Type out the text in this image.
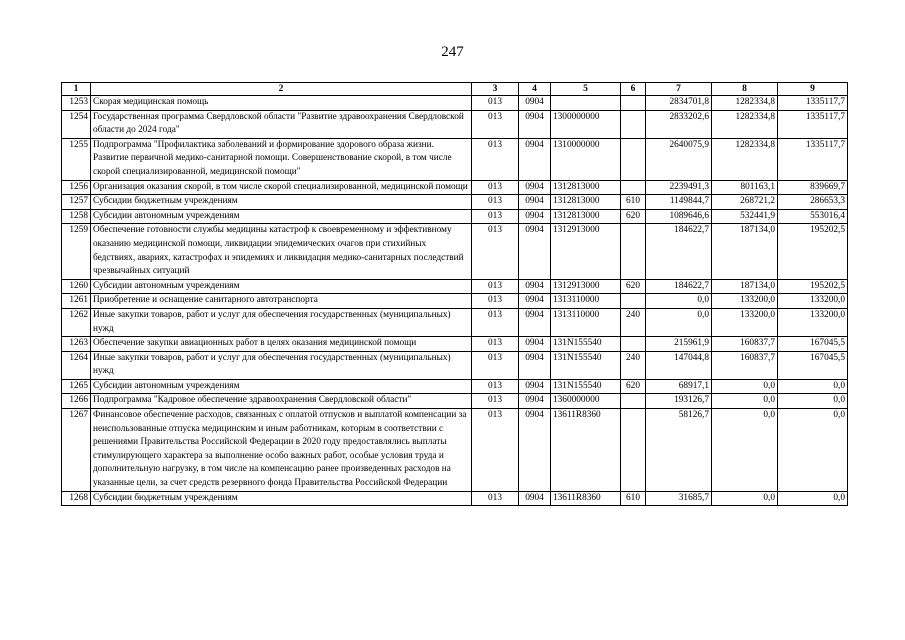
247
1	2	3	4	5	6	7	8	9
1253	Скорая медицинская помощь	013	0904			2834701,8	1282334,8	1335117,7
1254	Государственная программа Свердловской области "Развитие здравоохранения Свердловской области до 2024 года"	013	0904	1300000000		2833202,6	1282334,8	1335117,7
1255	Подпрограмма "Профилактика заболеваний и формирование здорового образа жизни. Развитие первичной медико-санитарной помощи. Совершенствование скорой, в том числе скорой специализированной, медицинской помощи"	013	0904	1310000000		2640075,9	1282334,8	1335117,7
1256	Организация оказания скорой, в том числе скорой специализированной, медицинской помощи	013	0904	1312813000		2239491,3	801163,1	839669,7
1257	Субсидии бюджетным учреждениям	013	0904	1312813000	610	1149844,7	268721,2	286653,3
1258	Субсидии автономным учреждениям	013	0904	1312813000	620	1089646,6	532441,9	553016,4
1259	Обеспечение готовности службы медицины катастроф к своевременному и эффективному оказанию медицинской помощи, ликвидации эпидемических очагов при стихийных бедствиях, авариях, катастрофах и эпидемиях и ликвидация медико-санитарных последствий чрезвычайных ситуаций	013	0904	1312913000		184622,7	187134,0	195202,5
1260	Субсидии автономным учреждениям	013	0904	1312913000	620	184622,7	187134,0	195202,5
1261	Приобретение и оснащение санитарного автотранспорта	013	0904	1313110000		0,0	133200,0	133200,0
1262	Иные закупки товаров, работ и услуг для обеспечения государственных (муниципальных) нужд	013	0904	1313110000	240	0,0	133200,0	133200,0
1263	Обеспечение закупки авиационных работ в целях оказания медицинской помощи	013	0904	131N155540		215961,9	160837,7	167045,5
1264	Иные закупки товаров, работ и услуг для обеспечения государственных (муниципальных) нужд	013	0904	131N155540	240	147044,8	160837,7	167045,5
1265	Субсидии автономным учреждениям	013	0904	131N155540	620	68917,1	0,0	0,0
1266	Подпрограмма "Кадровое обеспечение здравоохранения Свердловской области"	013	0904	1360000000		193126,7	0,0	0,0
1267	Финансовое обеспечение расходов, связанных с оплатой отпусков и выплатой компенсации за неиспользованные отпуска медицинским и иным работникам, которым в соответствии с решениями Правительства Российской Федерации в 2020 году предоставлялись выплаты стимулирующего характера за выполнение особо важных работ, особые условия труда и дополнительную нагрузку, в том числе на компенсацию ранее произведенных расходов на указанные цели, за счет средств резервного фонда Правительства Российской Федерации	013	0904	13611R8360		58126,7	0,0	0,0
1268	Субсидии бюджетным учреждениям	013	0904	13611R8360	610	31685,7	0,0	0,0
